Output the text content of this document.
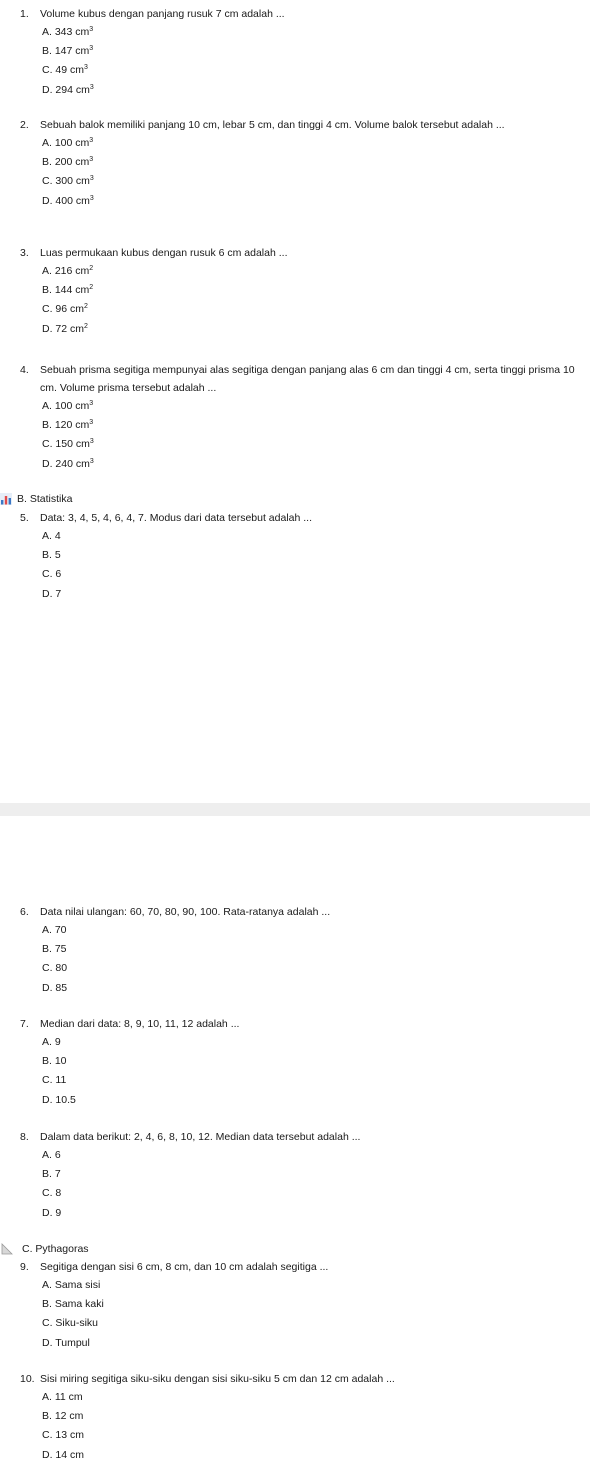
1. Volume kubus dengan panjang rusuk 7 cm adalah ...
A. 343 $cm^3$
B. 147 $cm^3$
C. 49 $cm^3$
D. 294 $cm^3$
2. Sebuah balok memiliki panjang 10 cm, lebar 5 cm, dan tinggi 4 cm. Volume balok tersebut adalah ...
A. 100 $cm^3$
B. 200 $cm^3$
C. 300 $cm^3$
D. 400 $cm^3$
3. Luas permukaan kubus dengan rusuk 6 cm adalah ...
A. 216 $cm^2$
B. 144 $cm^2$
C. 96 $cm^2$
D. 72 $cm^2$
4. Sebuah prisma segitiga mempunyai alas segitiga dengan panjang alas 6 cm dan tinggi 4 cm, serta tinggi prisma 10 cm. Volume prisma tersebut adalah ...
A. 100 $cm^3$
B. 120 $cm^3$
C. 150 $cm^3$
D. 240 $cm^3$
B. Statistika
5. Data: 3, 4, 5, 4, 6, 4, 7. Modus dari data tersebut adalah ...
A. 4
B. 5
C. 6
D. 7
6. Data nilai ulangan: 60, 70, 80, 90, 100. Rata-ratanya adalah ...
A. 70
B. 75
C. 80
D. 85
7. Median dari data: 8, 9, 10, 11, 12 adalah ...
A. 9
B. 10
C. 11
D. 10.5
8. Dalam data berikut: 2, 4, 6, 8, 10, 12. Median data tersebut adalah ...
A. 6
B. 7
C. 8
D. 9
C. Pythagoras
9. Segitiga dengan sisi 6 cm, 8 cm, dan 10 cm adalah segitiga ...
A. Sama sisi
B. Sama kaki
C. Siku-siku
D. Tumpul
10. Sisi miring segitiga siku-siku dengan sisi siku-siku 5 cm dan 12 cm adalah ...
A. 11 cm
B. 12 cm
C. 13 cm
D. 14 cm
